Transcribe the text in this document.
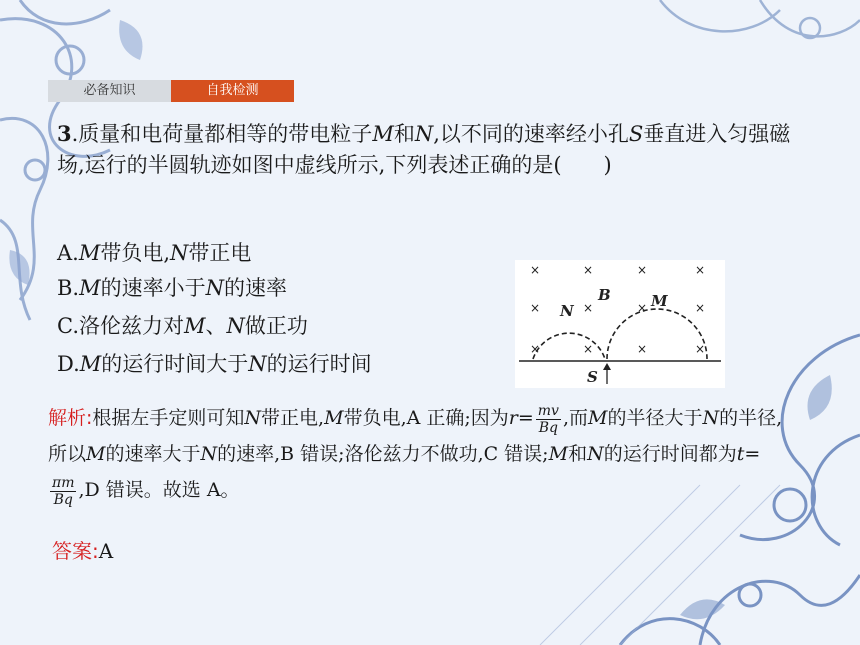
必备知识	自我检测
3.质量和电荷量都相等的带电粒子M和N,以不同的速率经小孔S垂直进入匀强磁场,运行的半圆轨迹如图中虚线所示,下列表述正确的是(　　)
A.M带负电,N带正电
B.M的速率小于N的速率
C.洛伦兹力对M、N做正功
D.M的运行时间大于N的运行时间
×	×	×	×
×	×	×	×
×	×	×	×
N
B	M
S
解析:根据左手定则可知N带正电,M带负电,A 正确;因为$r= \frac{mv}{Bq}$ ,而M的半径大于N的半径,所以M的速率大于N的速率,B 错误;洛伦兹力不做功,C 错误;M和N的运行时间都为t=
$\frac{\pi m}{Bq} ,D$ 错误。故选 A。
答案:A
